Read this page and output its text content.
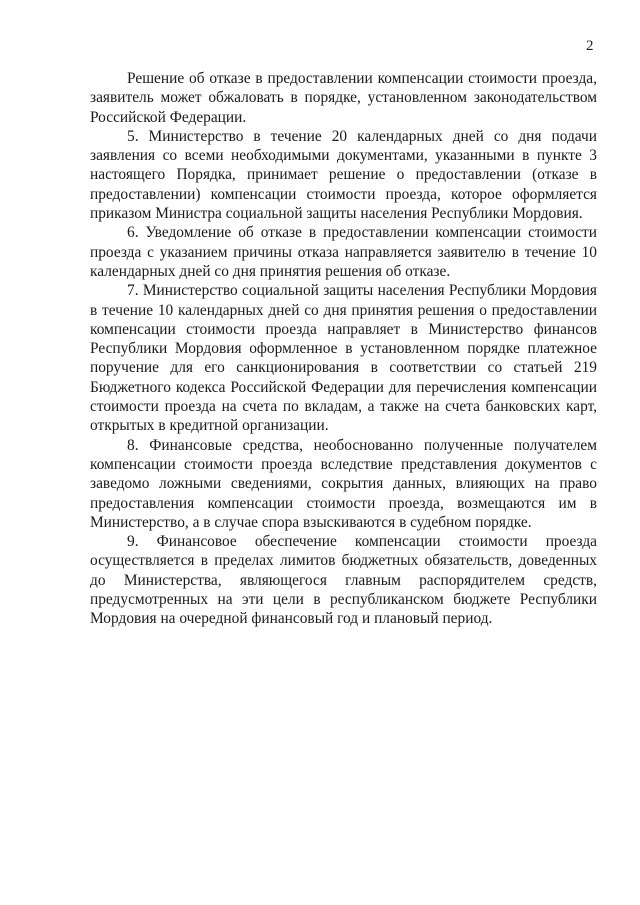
2

Решение об отказе в предоставлении компенсации стоимости проезда, заявитель может обжаловать в порядке, установленном законодательством Российской Федерации.

5. Министерство в течение 20 календарных дней со дня подачи заявления со всеми необходимыми документами, указанными в пункте 3 настоящего Порядка, принимает решение о предоставлении (отказе в предоставлении) компенсации стоимости проезда, которое оформляется приказом Министра социальной защиты населения Республики Мордовия.

6. Уведомление об отказе в предоставлении компенсации стоимости проезда с указанием причины отказа направляется заявителю в течение 10 календарных дней со дня принятия решения об отказе.

7. Министерство социальной защиты населения Республики Мордовия в течение 10 календарных дней со дня принятия решения о предоставлении компенсации стоимости проезда направляет в Министерство финансов Республики Мордовия оформленное в установленном порядке платежное поручение для его санкционирования в соответствии со статьей 219 Бюджетного кодекса Российской Федерации для перечисления компенсации стоимости проезда на счета по вкладам, а также на счета банковских карт, открытых в кредитной организации.

8. Финансовые средства, необоснованно полученные получателем компенсации стоимости проезда вследствие представления документов с заведомо ложными сведениями, сокрытия данных, влияющих на право предоставления компенсации стоимости проезда, возмещаются им в Министерство, а в случае спора взыскиваются в судебном порядке.

9. Финансовое обеспечение компенсации стоимости проезда осуществляется в пределах лимитов бюджетных обязательств, доведенных до Министерства, являющегося главным распорядителем средств, предусмотренных на эти цели в республиканском бюджете Республики Мордовия на очередной финансовый год и плановый период.
